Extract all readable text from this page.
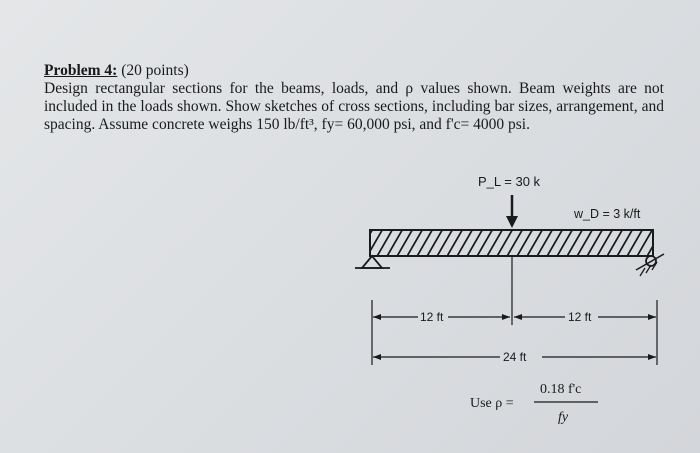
Problem 4: (20 points)
Design rectangular sections for the beams, loads, and ρ values shown. Beam weights are not included in the loads shown. Show sketches of cross sections, including bar sizes, arrangement, and spacing. Assume concrete weighs 150 lb/ft³, fy= 60,000 psi, and f'c= 4000 psi.
P_L = 30 k
w_D = 3 k/ft
12 ft	12 ft
24 ft
Use ρ =
0.18 f'c
fy
